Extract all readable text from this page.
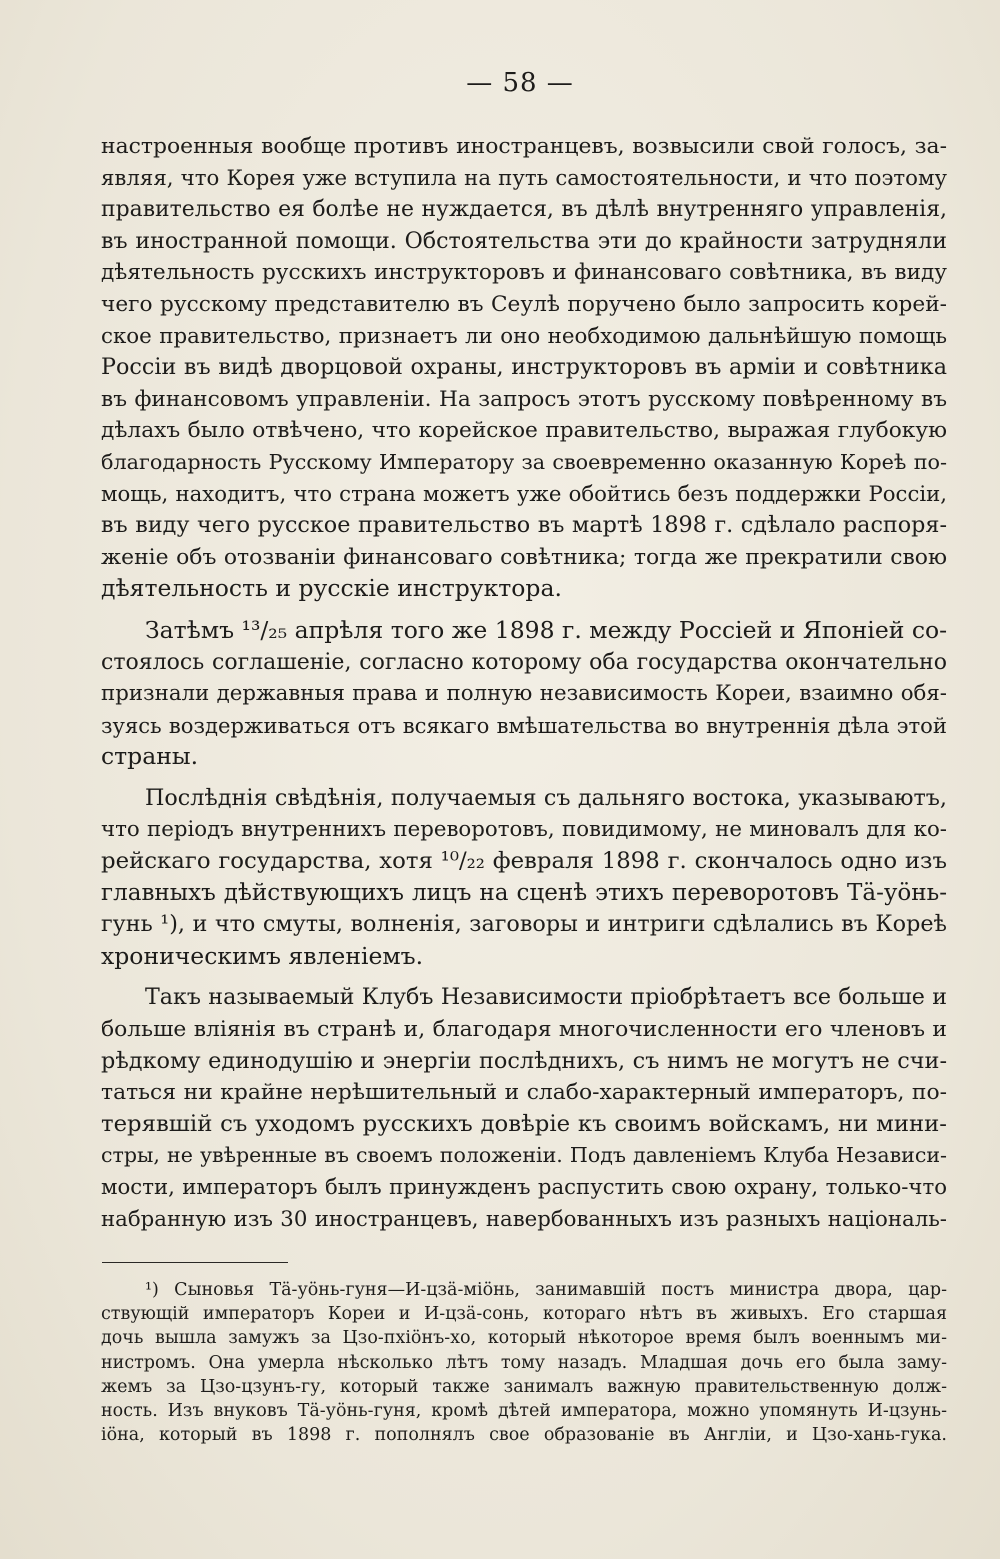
— 58 —
настроенныя вообще противъ иностранцевъ, возвысили свой голосъ, за-
являя, что Корея уже вступила на путь самостоятельности, и что поэтому
правительство ея болѣе не нуждается, въ дѣлѣ внутренняго управленія,
въ иностранной помощи. Обстоятельства эти до крайности затрудняли
дѣятельность русскихъ инструкторовъ и финансоваго совѣтника, въ виду
чего русскому представителю въ Сеулѣ поручено было запросить корей-
ское правительство, признаетъ ли оно необходимою дальнѣйшую помощь
Россіи въ видѣ дворцовой охраны, инструкторовъ въ арміи и совѣтника
въ финансовомъ управленіи. На запросъ этотъ русскому повѣренному въ
дѣлахъ было отвѣчено, что корейское правительство, выражая глубокую
благодарность Русскому Императору за своевременно оказанную Кореѣ по-
мощь, находитъ, что страна можетъ уже обойтись безъ поддержки Россіи,
въ виду чего русское правительство въ мартѣ 1898 г. сдѣлало распоря-
женіе объ отозваніи финансоваго совѣтника; тогда же прекратили свою
дѣятельность и русскіе инструктора.
Затѣмъ ¹³/₂₅ апрѣля того же 1898 г. между Россіей и Японіей со-
стоялось соглашеніе, согласно которому оба государства окончательно
признали державныя права и полную независимость Кореи, взаимно обя-
зуясь воздерживаться отъ всякаго вмѣшательства во внутреннія дѣла этой
страны.
Послѣднія свѣдѣнія, получаемыя съ дальняго востока, указываютъ,
что періодъ внутреннихъ переворотовъ, повидимому, не миновалъ для ко-
рейскаго государства, хотя ¹⁰/₂₂ февраля 1898 г. скончалось одно изъ
главныхъ дѣйствующихъ лицъ на сценѣ этихъ переворотовъ Тä-уöнь-
гунь ¹), и что смуты, волненія, заговоры и интриги сдѣлались въ Кореѣ
хроническимъ явленіемъ.
Такъ называемый Клубъ Независимости пріобрѣтаетъ все больше и
больше вліянія въ странѣ и, благодаря многочисленности его членовъ и
рѣдкому единодушію и энергіи послѣднихъ, съ нимъ не могутъ не счи-
таться ни крайне нерѣшительный и слабо-характерный императоръ, по-
терявшій съ уходомъ русскихъ довѣріе къ своимъ войскамъ, ни мини-
стры, не увѣренные въ своемъ положеніи. Подъ давленіемъ Клуба Независи-
мости, императоръ былъ принужденъ распустить свою охрану, только-что
набранную изъ 30 иностранцевъ, навербованныхъ изъ разныхъ національ-
¹) Сыновья Тä-уöнь-гуня—И-цзä-міöнь, занимавшій постъ министра двора, цар-
ствующій императоръ Кореи и И-цзä-сонь, котораго нѣтъ въ живыхъ. Его старшая
дочь вышла замужъ за Цзо-пхіöнъ-хо, который нѣкоторое время былъ военнымъ ми-
нистромъ. Она умерла нѣсколько лѣтъ тому назадъ. Младшая дочь его была заму-
жемъ за Цзо-цзунъ-гу, который также занималъ важную правительственную долж-
ность. Изъ внуковъ Тä-уöнь-гуня, кромѣ дѣтей императора, можно упомянуть И-цзунь-
іöна, который въ 1898 г. пополнялъ свое образованіе въ Англіи, и Цзо-хань-гука.
